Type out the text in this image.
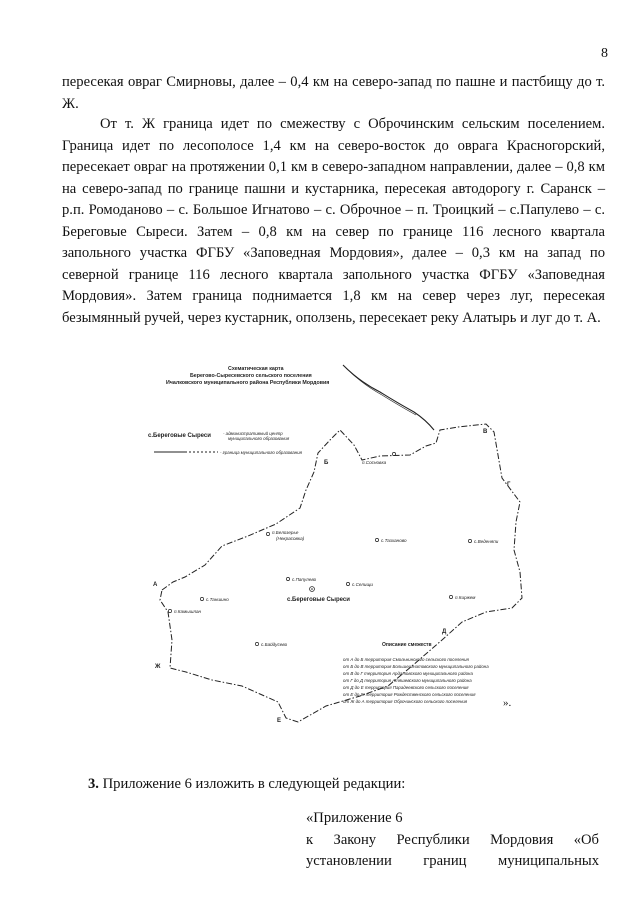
8

пересекая овраг Смирновы, далее – 0,4 км на северо-запад по пашне и пастбищу до т. Ж.

От т. Ж граница идет по смежеству с Оброчинским сельским поселением. Граница идет по лесополосе 1,4 км на северо-восток до оврага Красногорский, пересекает овраг на протяжении 0,1 км в северо-западном направлении, далее – 0,8 км на северо-запад по границе пашни и кустарника, пересекая автодорогу г. Саранск – р.п. Ромоданово – с. Большое Игнатово – с. Оброчное – п. Троицкий – с.Папулево – с. Береговые Сыреси. Затем – 0,8 км на север по границе 116 лесного квартала запольного участка ФГБУ «Заповедная Мордовия», далее – 0,3 км на запад по северной границе 116 лесного квартала запольного участка ФГБУ «Заповедная Мордовия». Затем граница поднимается 1,8 км на север через луг, пересекая безымянный ручей, через кустарник, оползень, пересекает реку Алатырь и луг до т. А.

Схематическая карта
Берегово-Сыресевского сельского поселения
Ичалковского муниципального района Республики Мордовия
с.Береговые Сыреси	- административный центр
муниципального образования
- граница муниципального образования
А
Б
В
Г
Д
Е
Ж
п.Сосновка
п.Белозерье
(Некрасовка)	с.Тазханово	с.Веденяпи
с.Папулево
с.Селищи
с.Береговые Сыреси
с.Таншино
п.Камышлан
п.Киржем
с.Байдусево	Описание смежеств
от А до Б территория Смольнинского сельского поселения
от Б до В территория Большеигнатовского муниципального района
от В до Г территория Ардатовского муниципального района
от Г до Д территория Атяшевского муниципального района
от Д до Е территория Парадеевского сельского поселения
от Е до Ж территория Рождественского сельского поселения
от Ж до А территория Оброчинского сельского поселения	».
3. Приложение 6 изложить в следующей редакции:
«Приложение 6
к Закону Республики Мордовия «Об
установлении границ муниципальных
